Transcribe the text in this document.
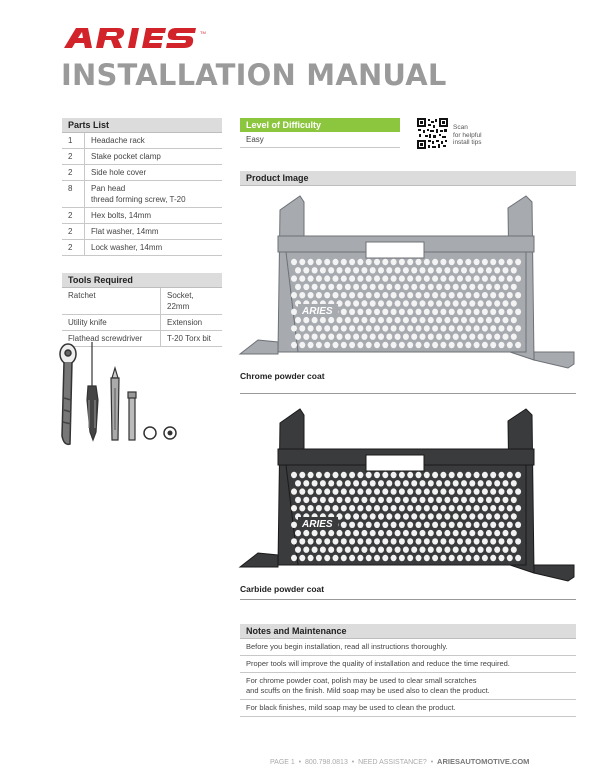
TM
INSTALLATION MANUAL
Parts List
1	Headache rack
2	Stake pocket clamp
2	Side hole cover
8	Pan head
thread forming screw, T-20

2	Hex bolts, 14mm
2	Flat washer, 14mm
2	Lock washer, 14mm
Tools Required
Ratchet	Socket, 22mm
Utility knife	Extension
Flathead screwdriver	T-20 Torx bit
Level of Difficulty
Easy
Scan
for helpful
install tips
Product Image
ARIES
Chrome powder coat
ARIES
Carbide powder coat
Notes and Maintenance
Before you begin installation, read all instructions thoroughly.
Proper tools will improve the quality of installation and reduce the time required.
For chrome powder coat, polish may be used to clear small scratches
and scuffs on the finish. Mild soap may be used also to clean the product.
For black finishes, mild soap may be used to clean the product.
PAGE 1  •  800.798.0813  •  NEED ASSISTANCE?  •  ARIESAUTOMOTIVE.COM
